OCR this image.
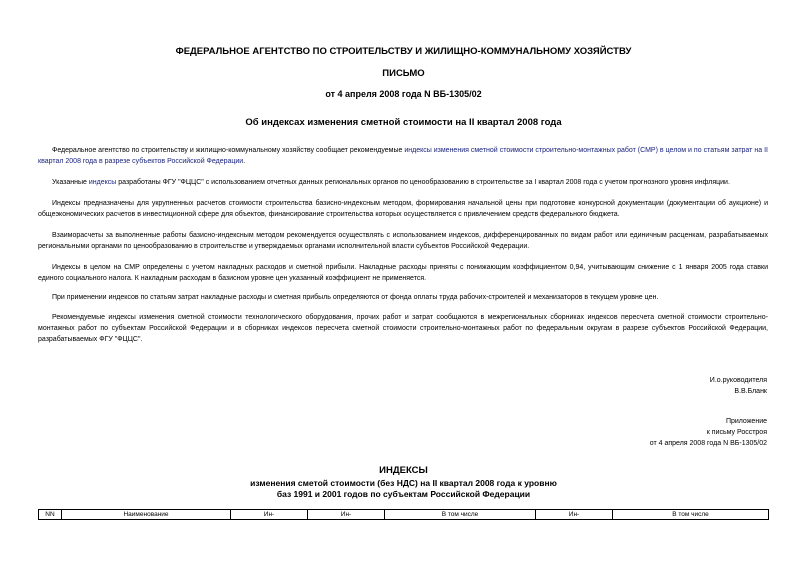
ФЕДЕРАЛЬНОЕ АГЕНТСТВО ПО СТРОИТЕЛЬСТВУ И ЖИЛИЩНО-КОММУНАЛЬНОМУ ХОЗЯЙСТВУ
ПИСЬМО
от 4 апреля 2008 года N ВБ-1305/02
Об индексах изменения сметной стоимости на II квартал 2008 года

Федеральное агентство по строительству и жилищно-коммунальному хозяйству сообщает рекомендуемые индексы изменения сметной стоимости строительно-монтажных работ (СМР) в целом и по статьям затрат на II квартал 2008 года в разрезе субъектов Российской Федерации.

Указанные индексы разработаны ФГУ "ФЦЦС" с использованием отчетных данных региональных органов по ценообразованию в строительстве за I квартал 2008 года с учетом прогнозного уровня инфляции.

Индексы предназначены для укрупненных расчетов стоимости строительства базисно-индексным методом, формирования начальной цены при подготовке конкурсной документации (документации об аукционе) и общеэкономических расчетов в инвестиционной сфере для объектов, финансирование строительства которых осуществляется с привлечением средств федерального бюджета.

Взаиморасчеты за выполненные работы базисно-индексным методом рекомендуется осуществлять с использованием индексов, дифференцированных по видам работ или единичным расценкам, разрабатываемых региональными органами по ценообразованию в строительстве и утверждаемых органами исполнительной власти субъектов Российской Федерации.

Индексы в целом на СМР определены с учетом накладных расходов и сметной прибыли. Накладные расходы приняты с понижающим коэффициентом 0,94, учитывающим снижение с 1 января 2005 года ставки единого социального налога. К накладным расходам в базисном уровне цен указанный коэффициент не применяется.

При применении индексов по статьям затрат накладные расходы и сметная прибыль определяются от фонда оплаты труда рабочих-строителей и механизаторов в текущем уровне цен.

Рекомендуемые индексы изменения сметной стоимости технологического оборудования, прочих работ и затрат сообщаются в межрегиональных сборниках индексов пересчета сметной стоимости строительно-монтажных работ по субъектам Российской Федерации и в сборниках индексов пересчета сметной стоимости строительно-монтажных работ по федеральным округам в разрезе субъектов Российской Федерации, разрабатываемых ФГУ "ФЦЦС".

И.о.руководителя
В.В.Бланк
Приложение
к письму Росстроя
от 4 апреля 2008 года N ВБ-1305/02
ИНДЕКСЫ
изменения сметой стоимости (без НДС) на II квартал 2008 года к уровню
баз 1991 и 2001 годов по субъектам Российской Федерации
NN	Наименование	Ин-	Ин-	В том числе	Ин-	В том числе
